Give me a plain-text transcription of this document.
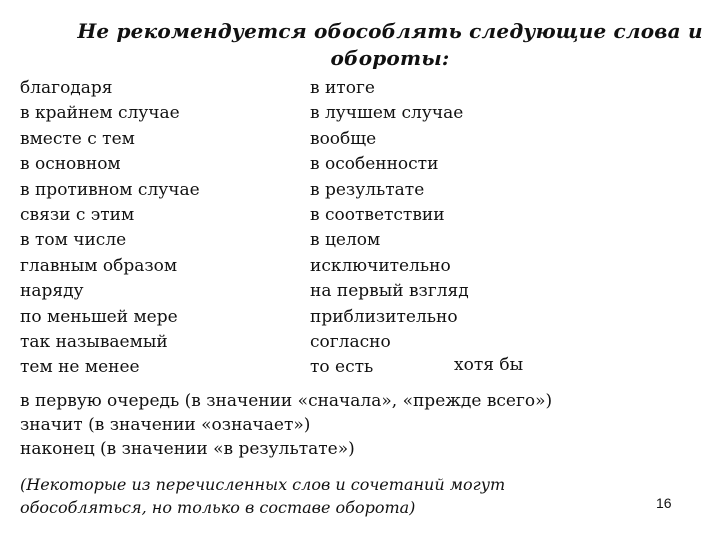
Не рекомендуется обособлять следующие слова и
обороты:
благодаря
в крайнем случае
вместе с тем
в основном
в противном случае
связи с этим
в том числе
главным образом
наряду
по меньшей мере
так называемый
тем не менее
в итоге
в лучшем случае
вообще
в особенности
в результате
в соответствии
в целом
исключительно
на первый взгляд
приблизительно
согласно
то есть	хотя бы
в первую очередь (в значении «сначала», «прежде всего»)
значит (в значении «означает»)
наконец (в значении «в результате»)
(Некоторые из перечисленных слов и сочетаний могут
обособляться, но только в составе оборота)	16
